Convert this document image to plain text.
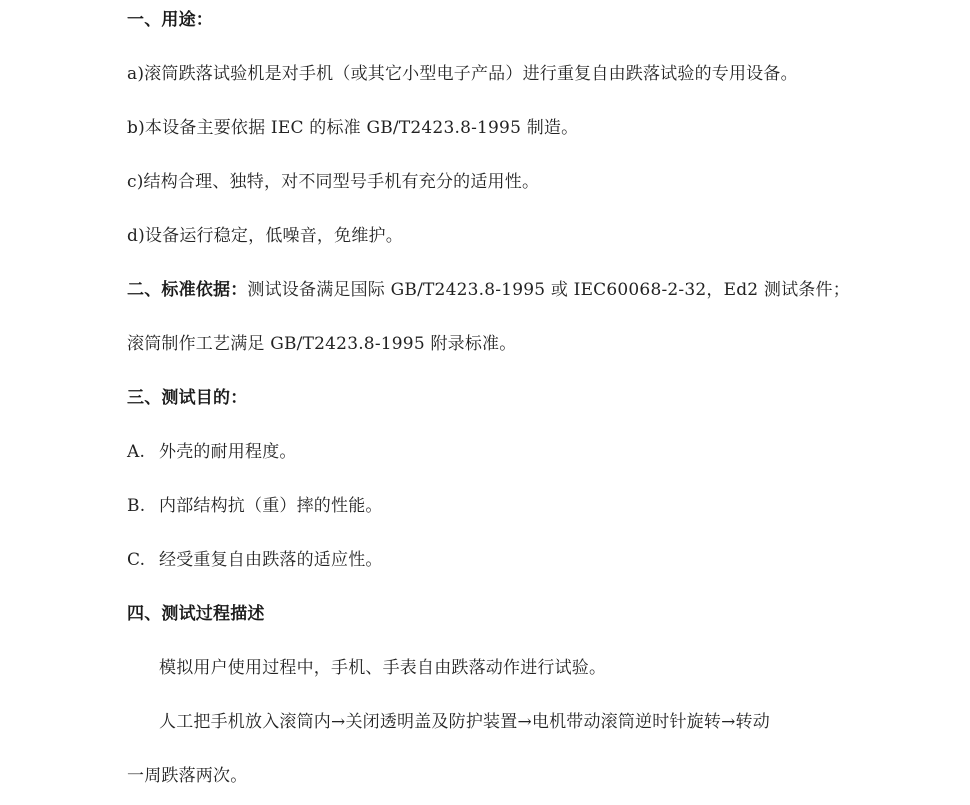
一、用途：
a)滚筒跌落试验机是对手机（或其它小型电子产品）进行重复自由跌落试验的专用设备。
b)本设备主要依据 IEC 的标准 GB/T2423.8-1995 制造。
c)结构合理、独特，对不同型号手机有充分的适用性。
d)设备运行稳定，低噪音，免维护。
二、标准依据：测试设备满足国际 GB/T2423.8-1995 或 IEC60068-2-32，Ed2 测试条件；
滚筒制作工艺满足 GB/T2423.8-1995 附录标准。
三、测试目的：
A. 外壳的耐用程度。
B. 内部结构抗（重）摔的性能。
C. 经受重复自由跌落的适应性。
四、测试过程描述
模拟用户使用过程中，手机、手表自由跌落动作进行试验。
人工把手机放入滚筒内→关闭透明盖及防护装置→电机带动滚筒逆时针旋转→转动
一周跌落两次。
